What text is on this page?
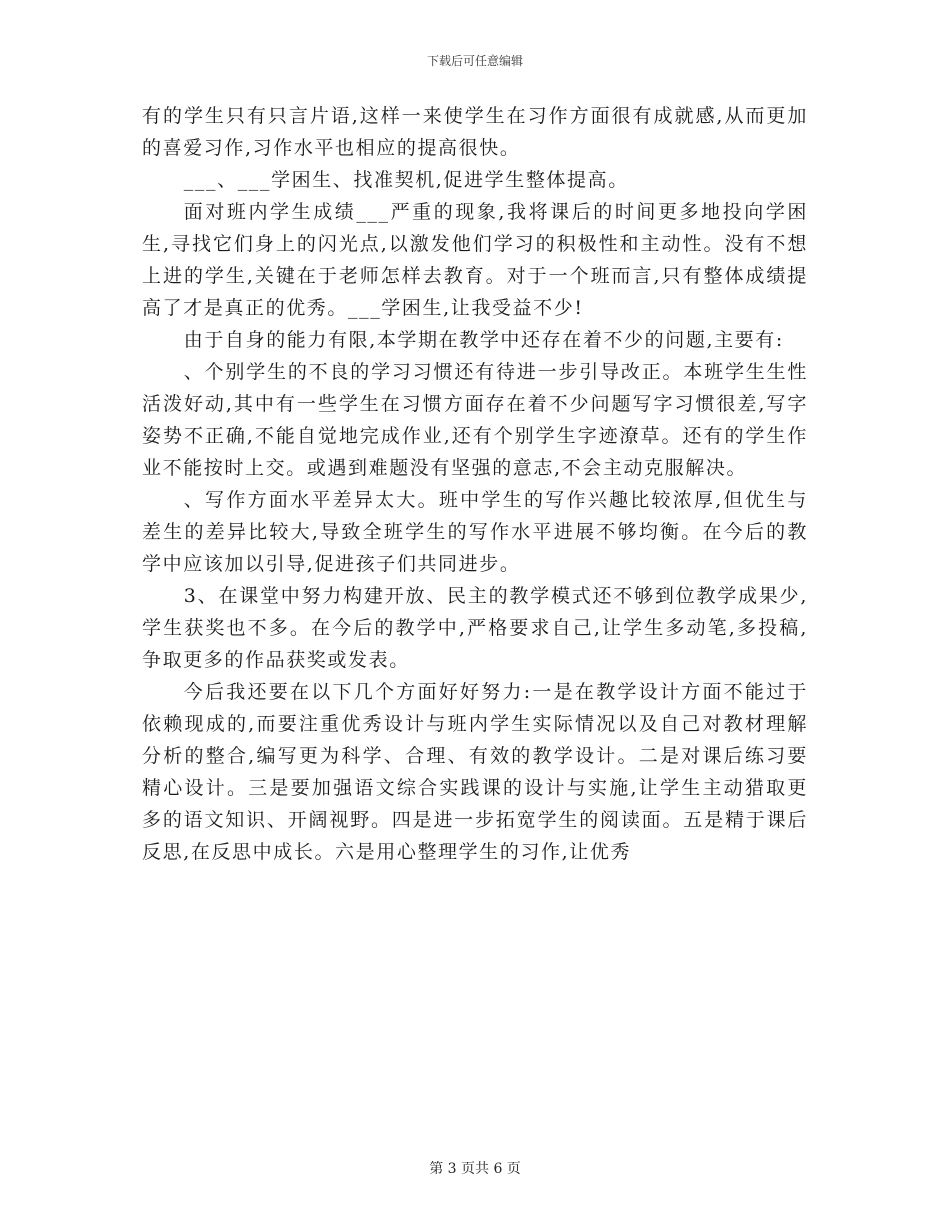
下载后可任意编辑

有的学生只有只言片语,这样一来使学生在习作方面很有成就感,从而更加的喜爱习作,习作水平也相应的提高很快。

___、___学困生、找准契机,促进学生整体提高。

面对班内学生成绩___严重的现象,我将课后的时间更多地投向学困生,寻找它们身上的闪光点,以激发他们学习的积极性和主动性。没有不想上进的学生,关键在于老师怎样去教育。对于一个班而言,只有整体成绩提高了才是真正的优秀。___学困生,让我受益不少!

由于自身的能力有限,本学期在教学中还存在着不少的问题,主要有:

、个别学生的不良的学习习惯还有待进一步引导改正。本班学生生性活泼好动,其中有一些学生在习惯方面存在着不少问题写字习惯很差,写字姿势不正确,不能自觉地完成作业,还有个别学生字迹潦草。还有的学生作业不能按时上交。或遇到难题没有坚强的意志,不会主动克服解决。

、写作方面水平差异太大。班中学生的写作兴趣比较浓厚,但优生与差生的差异比较大,导致全班学生的写作水平进展不够均衡。在今后的教学中应该加以引导,促进孩子们共同进步。

3、在课堂中努力构建开放、民主的教学模式还不够到位教学成果少,学生获奖也不多。在今后的教学中,严格要求自己,让学生多动笔,多投稿,争取更多的作品获奖或发表。

今后我还要在以下几个方面好好努力:一是在教学设计方面不能过于依赖现成的,而要注重优秀设计与班内学生实际情况以及自己对教材理解分析的整合,编写更为科学、合理、有效的教学设计。二是对课后练习要精心设计。三是要加强语文综合实践课的设计与实施,让学生主动猎取更多的语文知识、开阔视野。四是进一步拓宽学生的阅读面。五是精于课后反思,在反思中成长。六是用心整理学生的习作,让优秀

第 3 页共 6 页
